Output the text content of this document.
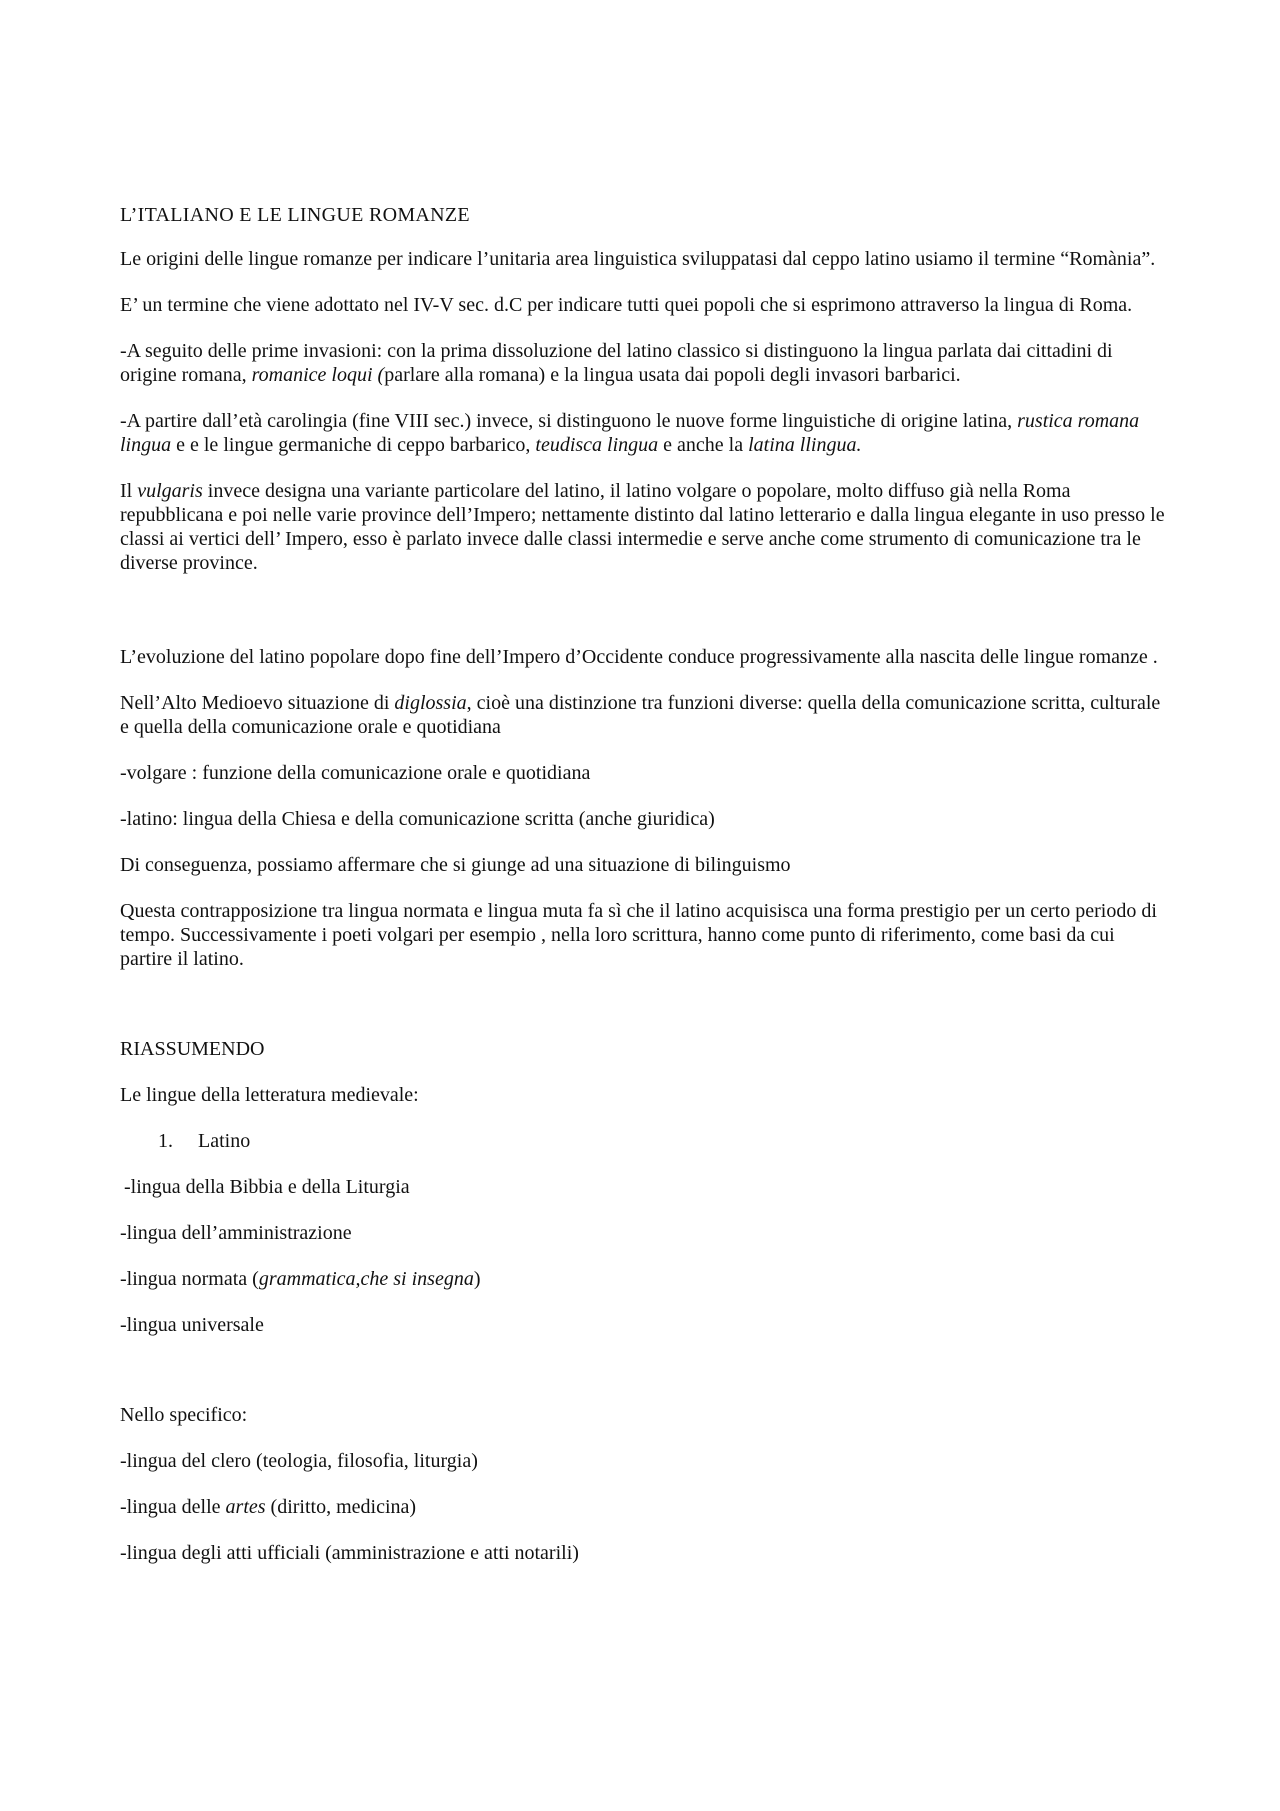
L’ITALIANO E LE LINGUE ROMANZE

Le origini delle lingue romanze per indicare l’unitaria area linguistica sviluppatasi dal ceppo latino usiamo il termine “Romània”.

E’ un termine che viene adottato nel IV-V sec. d.C per indicare tutti quei popoli che si esprimono attraverso la lingua di Roma.

-A seguito delle prime invasioni: con la prima dissoluzione del latino classico si distinguono la lingua parlata dai cittadini di origine romana, romanice loqui (parlare alla romana) e la lingua usata dai popoli degli invasori barbarici.

-A partire dall’età carolingia (fine VIII sec.) invece, si distinguono le nuove forme linguistiche di origine latina, rustica romana lingua e e le lingue germaniche di ceppo barbarico, teudisca lingua e anche la latina llingua.

Il vulgaris invece designa una variante particolare del latino, il latino volgare o popolare, molto diffuso già nella Roma repubblicana e poi nelle varie province dell’Impero; nettamente distinto dal latino letterario e dalla lingua elegante in uso presso le classi ai vertici dell’ Impero, esso è parlato invece dalle classi intermedie e serve anche come strumento di comunicazione tra le diverse province.

L’evoluzione del latino popolare dopo fine dell’Impero d’Occidente conduce progressivamente alla nascita delle lingue romanze .

Nell’Alto Medioevo situazione di diglossia, cioè una distinzione tra funzioni diverse: quella della comunicazione scritta, culturale e quella della comunicazione orale e quotidiana

-volgare : funzione della comunicazione orale e quotidiana

-latino: lingua della Chiesa e della comunicazione scritta (anche giuridica)

Di conseguenza, possiamo affermare che si giunge ad una situazione di bilinguismo

Questa contrapposizione tra lingua normata e lingua muta fa sì che il latino acquisisca una forma prestigio per un certo periodo di tempo. Successivamente i poeti volgari per esempio , nella loro scrittura, hanno come punto di riferimento, come basi da cui partire il latino.

RIASSUMENDO

Le lingue della letteratura medievale:

1. Latino

-lingua della Bibbia e della Liturgia

-lingua dell’amministrazione

-lingua normata (grammatica,che si insegna)

-lingua universale

Nello specifico:

-lingua del clero (teologia, filosofia, liturgia)

-lingua delle artes (diritto, medicina)

-lingua degli atti ufficiali (amministrazione e atti notarili)
